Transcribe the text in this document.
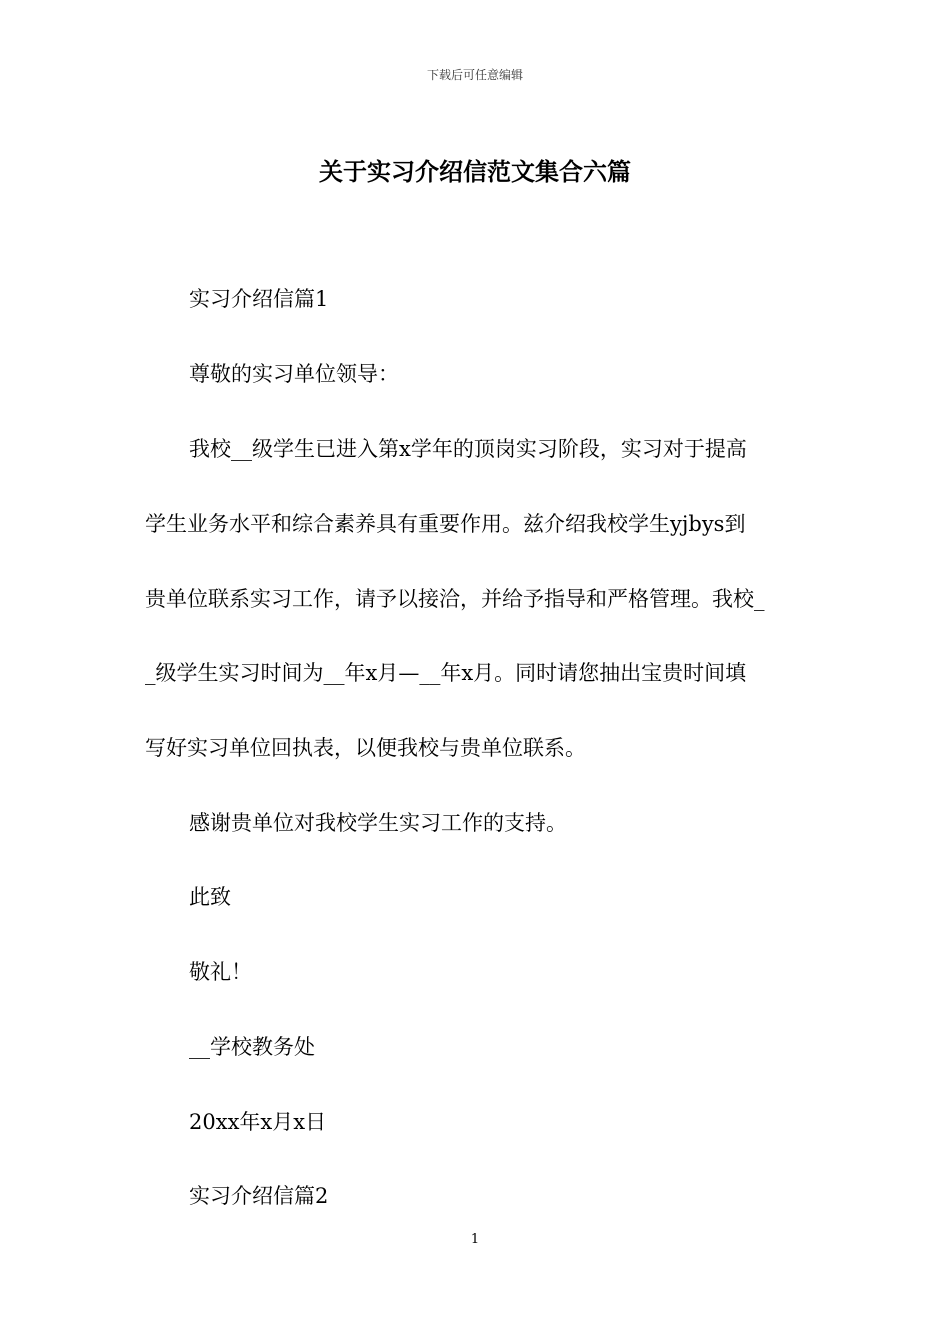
下载后可任意编辑
关于实习介绍信范文集合六篇

实习介绍信篇1

尊敬的实习单位领导：

我校__级学生已进入第x学年的顶岗实习阶段，实习对于提高

学生业务水平和综合素养具有重要作用。兹介绍我校学生yjbys到

贵单位联系实习工作，请予以接洽，并给予指导和严格管理。我校_

_级学生实习时间为__年x月—__年x月。同时请您抽出宝贵时间填

写好实习单位回执表，以便我校与贵单位联系。

感谢贵单位对我校学生实习工作的支持。

此致

敬礼！

__学校教务处

20xx年x月x日

实习介绍信篇2

1
